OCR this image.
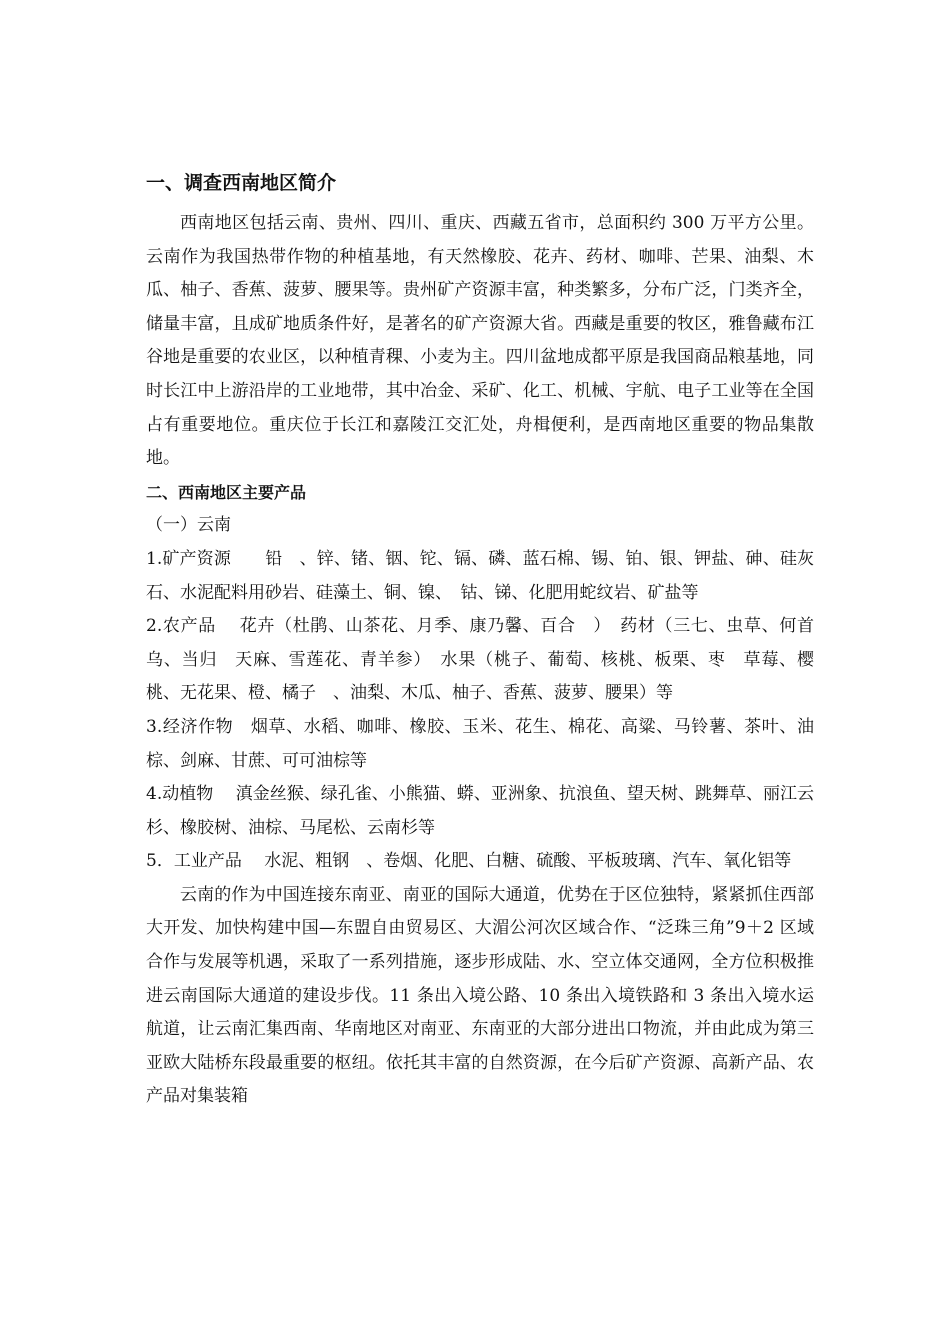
一、调查西南地区简介

西南地区包括云南、贵州、四川、重庆、西藏五省市，总面积约 300 万平方公里。云南作为我国热带作物的种植基地，有天然橡胶、花卉、药材、咖啡、芒果、油梨、木瓜、柚子、香蕉、菠萝、腰果等。贵州矿产资源丰富，种类繁多，分布广泛，门类齐全，储量丰富，且成矿地质条件好，是著名的矿产资源大省。西藏是重要的牧区，雅鲁藏布江谷地是重要的农业区，以种植青稞、小麦为主。四川盆地成都平原是我国商品粮基地，同时长江中上游沿岸的工业地带，其中冶金、采矿、化工、机械、宇航、电子工业等在全国占有重要地位。重庆位于长江和嘉陵江交汇处，舟楫便利，是西南地区重要的物品集散地。

二、西南地区主要产品
（一）云南

1.矿产资源　　铅　、锌、锗、铟、铊、镉、磷、蓝石棉、锡、铂、银、钾盐、砷、硅灰石、水泥配料用砂岩、硅藻土、铜、镍、　钴、锑、化肥用蛇纹岩、矿盐等

2.农产品　 花卉（杜鹃、山茶花、月季、康乃馨、百合　）　药材（三七、虫草、何首乌、当归　天麻、雪莲花、青羊参）　水果（桃子、葡萄、核桃、板栗、枣　草莓、樱桃、无花果、橙、橘子　、油梨、木瓜、柚子、香蕉、菠萝、腰果）等

3.经济作物　烟草、水稻、咖啡、橡胶、玉米、花生、棉花、高粱、马铃薯、茶叶、油棕、剑麻、甘蔗、可可油棕等

4.动植物　 滇金丝猴、绿孔雀、小熊猫、蟒、亚洲象、抗浪鱼、望天树、跳舞草、丽江云杉、橡胶树、油棕、马尾松、云南杉等

5．工业产品　 水泥、粗钢　、卷烟、化肥、白糖、硫酸、平板玻璃、汽车、氧化铝等

云南的作为中国连接东南亚、南亚的国际大通道，优势在于区位独特，紧紧抓住西部大开发、加快构建中国—东盟自由贸易区、大湄公河次区域合作、“泛珠三角”9＋2 区域合作与发展等机遇，采取了一系列措施，逐步形成陆、水、空立体交通网，全方位积极推进云南国际大通道的建设步伐。11 条出入境公路、10 条出入境铁路和 3 条出入境水运航道，让云南汇集西南、华南地区对南亚、东南亚的大部分进出口物流，并由此成为第三亚欧大陆桥东段最重要的枢纽。依托其丰富的自然资源，在今后矿产资源、高新产品、农产品对集装箱
